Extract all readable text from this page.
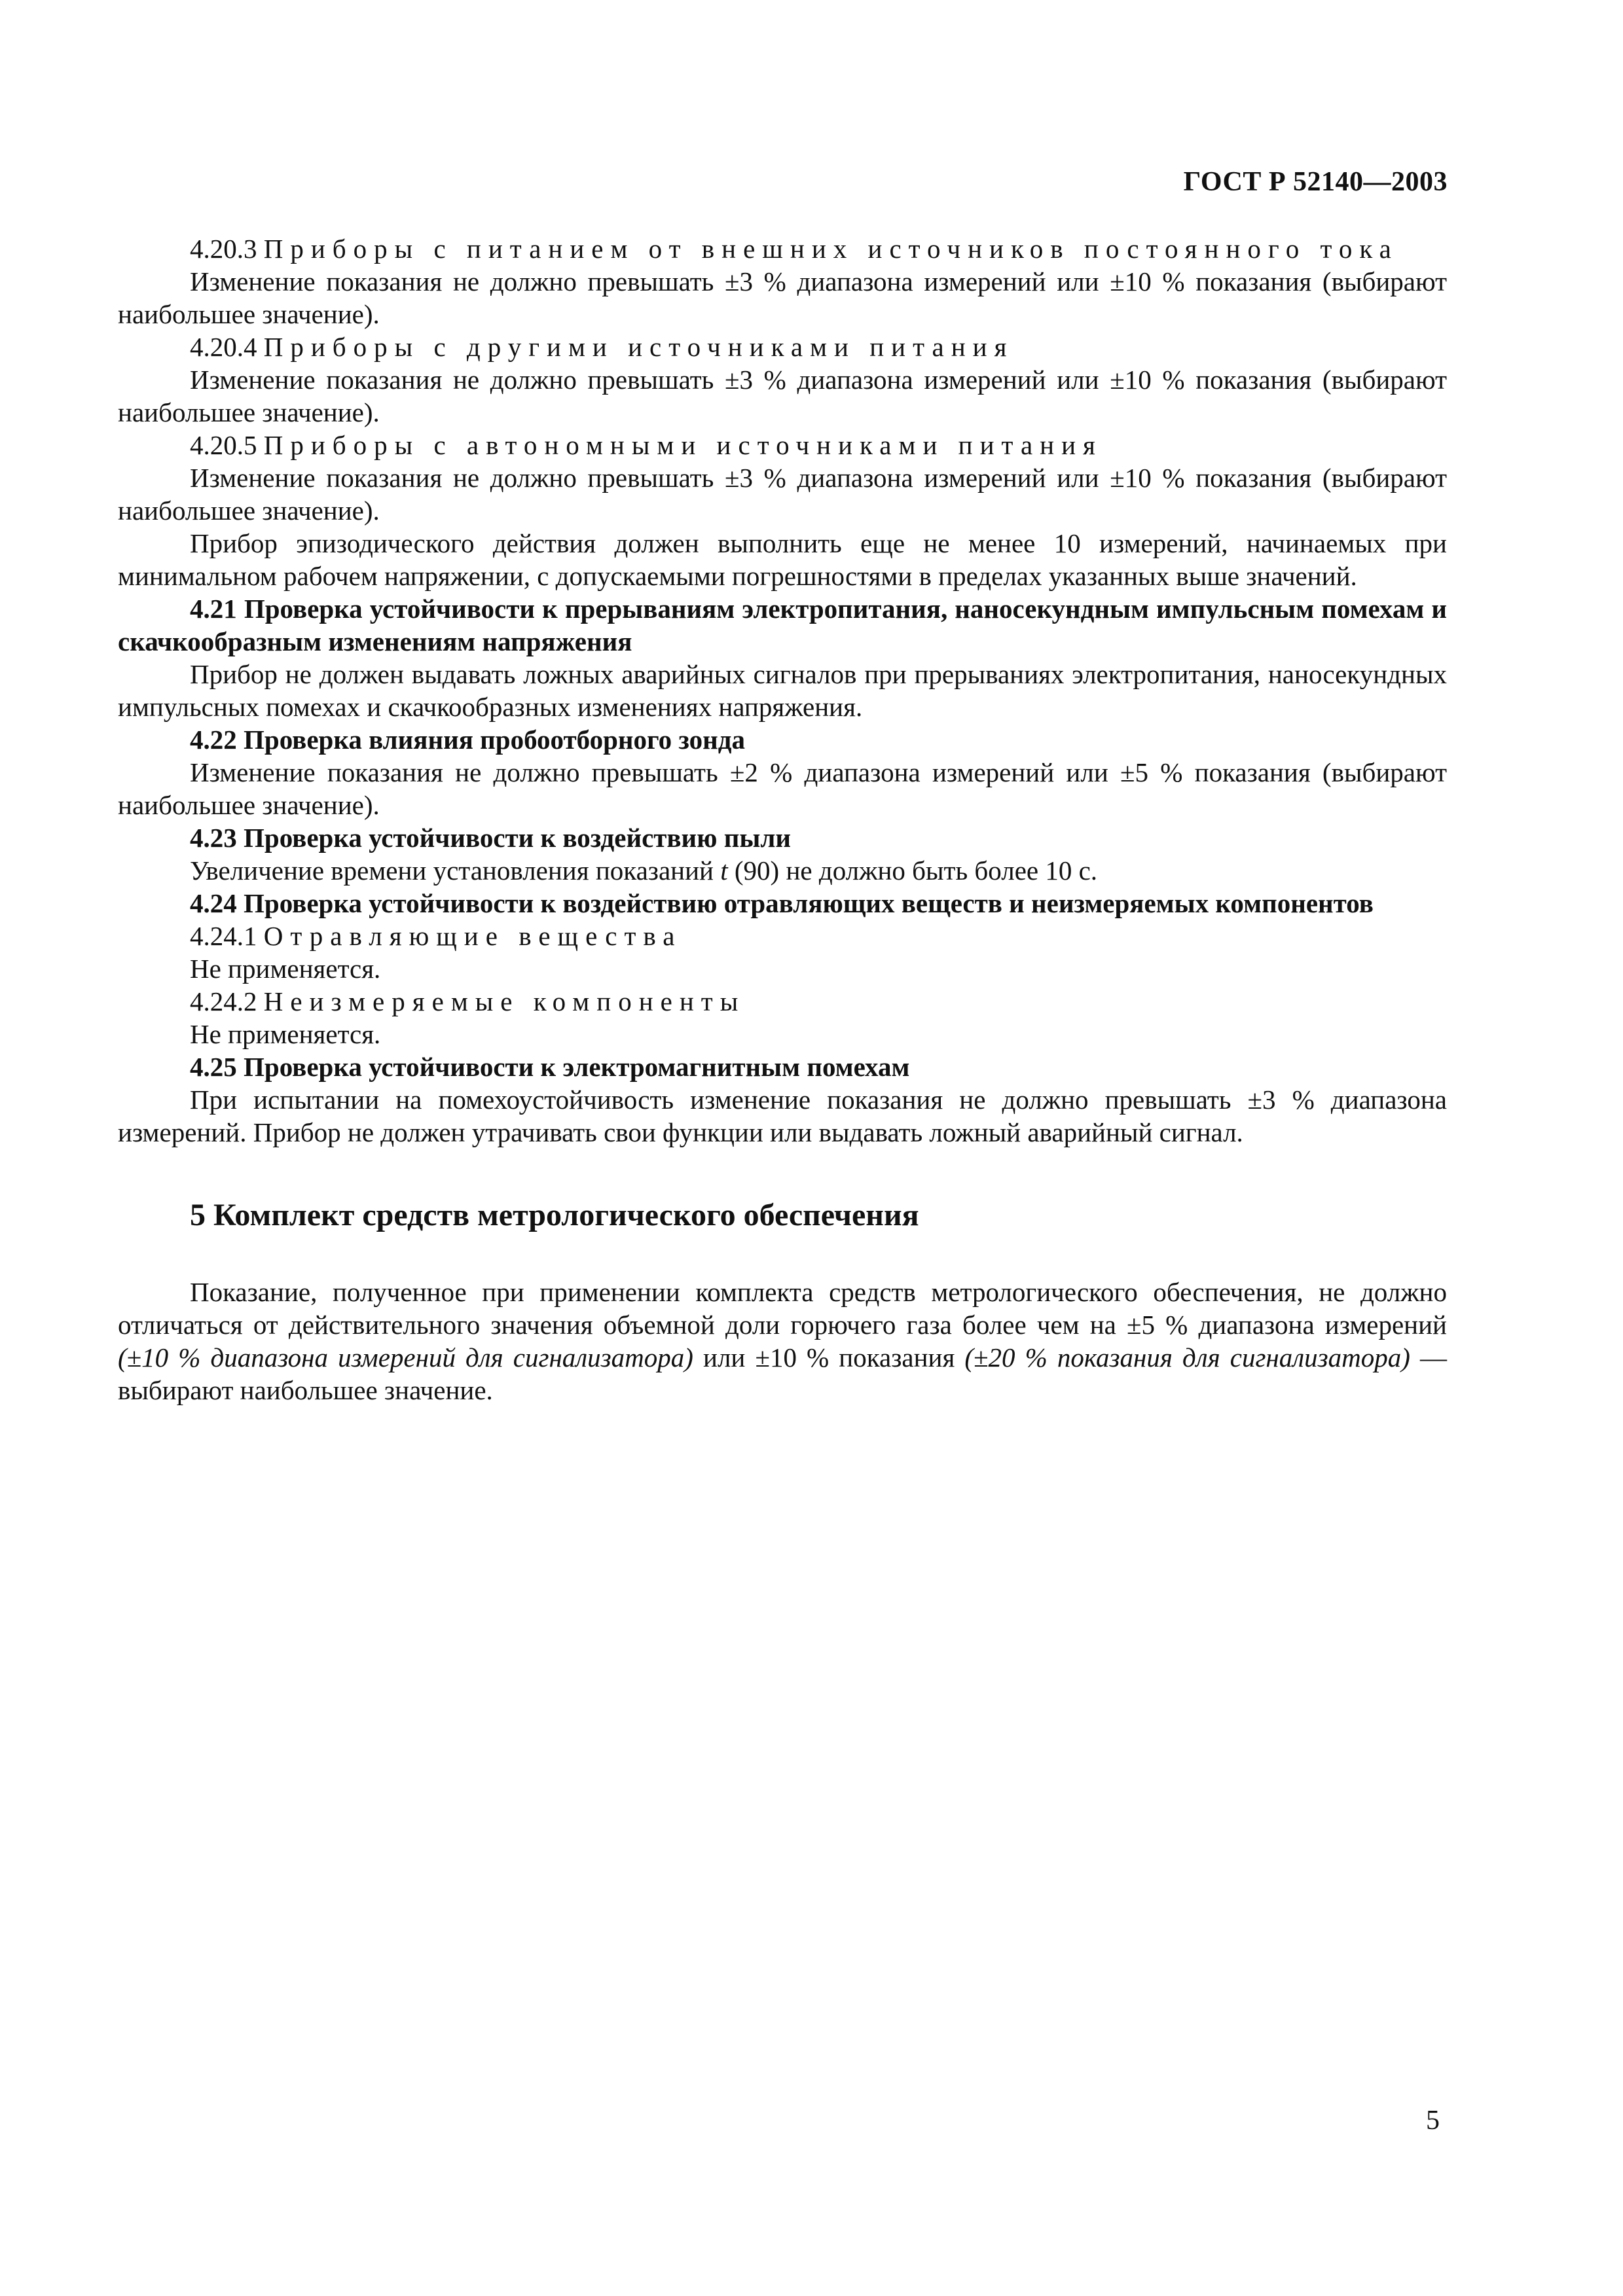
ГОСТ Р 52140—2003

4.20.3 Приборы с питанием от внешних источников постоянного тока

Изменение показания не должно превышать ±3 % диапазона измерений или ±10 % показания (выбирают наибольшее значение).

4.20.4 Приборы с другими источниками питания

Изменение показания не должно превышать ±3 % диапазона измерений или ±10 % показания (выбирают наибольшее значение).

4.20.5 Приборы с автономными источниками питания

Изменение показания не должно превышать ±3 % диапазона измерений или ±10 % показания (выбирают наибольшее значение).

Прибор эпизодического действия должен выполнить еще не менее 10 измерений, начинаемых при минимальном рабочем напряжении, с допускаемыми погрешностями в пределах указанных выше значений.

4.21 Проверка устойчивости к прерываниям электропитания, наносекундным импульсным помехам и скачкообразным изменениям напряжения

Прибор не должен выдавать ложных аварийных сигналов при прерываниях электропитания, наносекундных импульсных помехах и скачкообразных изменениях напряжения.

4.22 Проверка влияния пробоотборного зонда

Изменение показания не должно превышать ±2 % диапазона измерений или ±5 % показания (выбирают наибольшее значение).

4.23 Проверка устойчивости к воздействию пыли

Увеличение времени установления показаний t (90) не должно быть более 10 с.

4.24 Проверка устойчивости к воздействию отравляющих веществ и неизмеряемых компонентов

4.24.1 Отравляющие вещества

Не применяется.

4.24.2 Неизмеряемые компоненты

Не применяется.

4.25 Проверка устойчивости к электромагнитным помехам

При испытании на помехоустойчивость изменение показания не должно превышать ±3 % диапазона измерений. Прибор не должен утрачивать свои функции или выдавать ложный аварийный сигнал.

5 Комплект средств метрологического обеспечения

Показание, полученное при применении комплекта средств метрологического обеспечения, не должно отличаться от действительного значения объемной доли горючего газа более чем на ±5 % диапазона измерений (±10 % диапазона измерений для сигнализатора) или ±10 % показания (±20 % показания для сигнализатора) — выбирают наибольшее значение.

5
